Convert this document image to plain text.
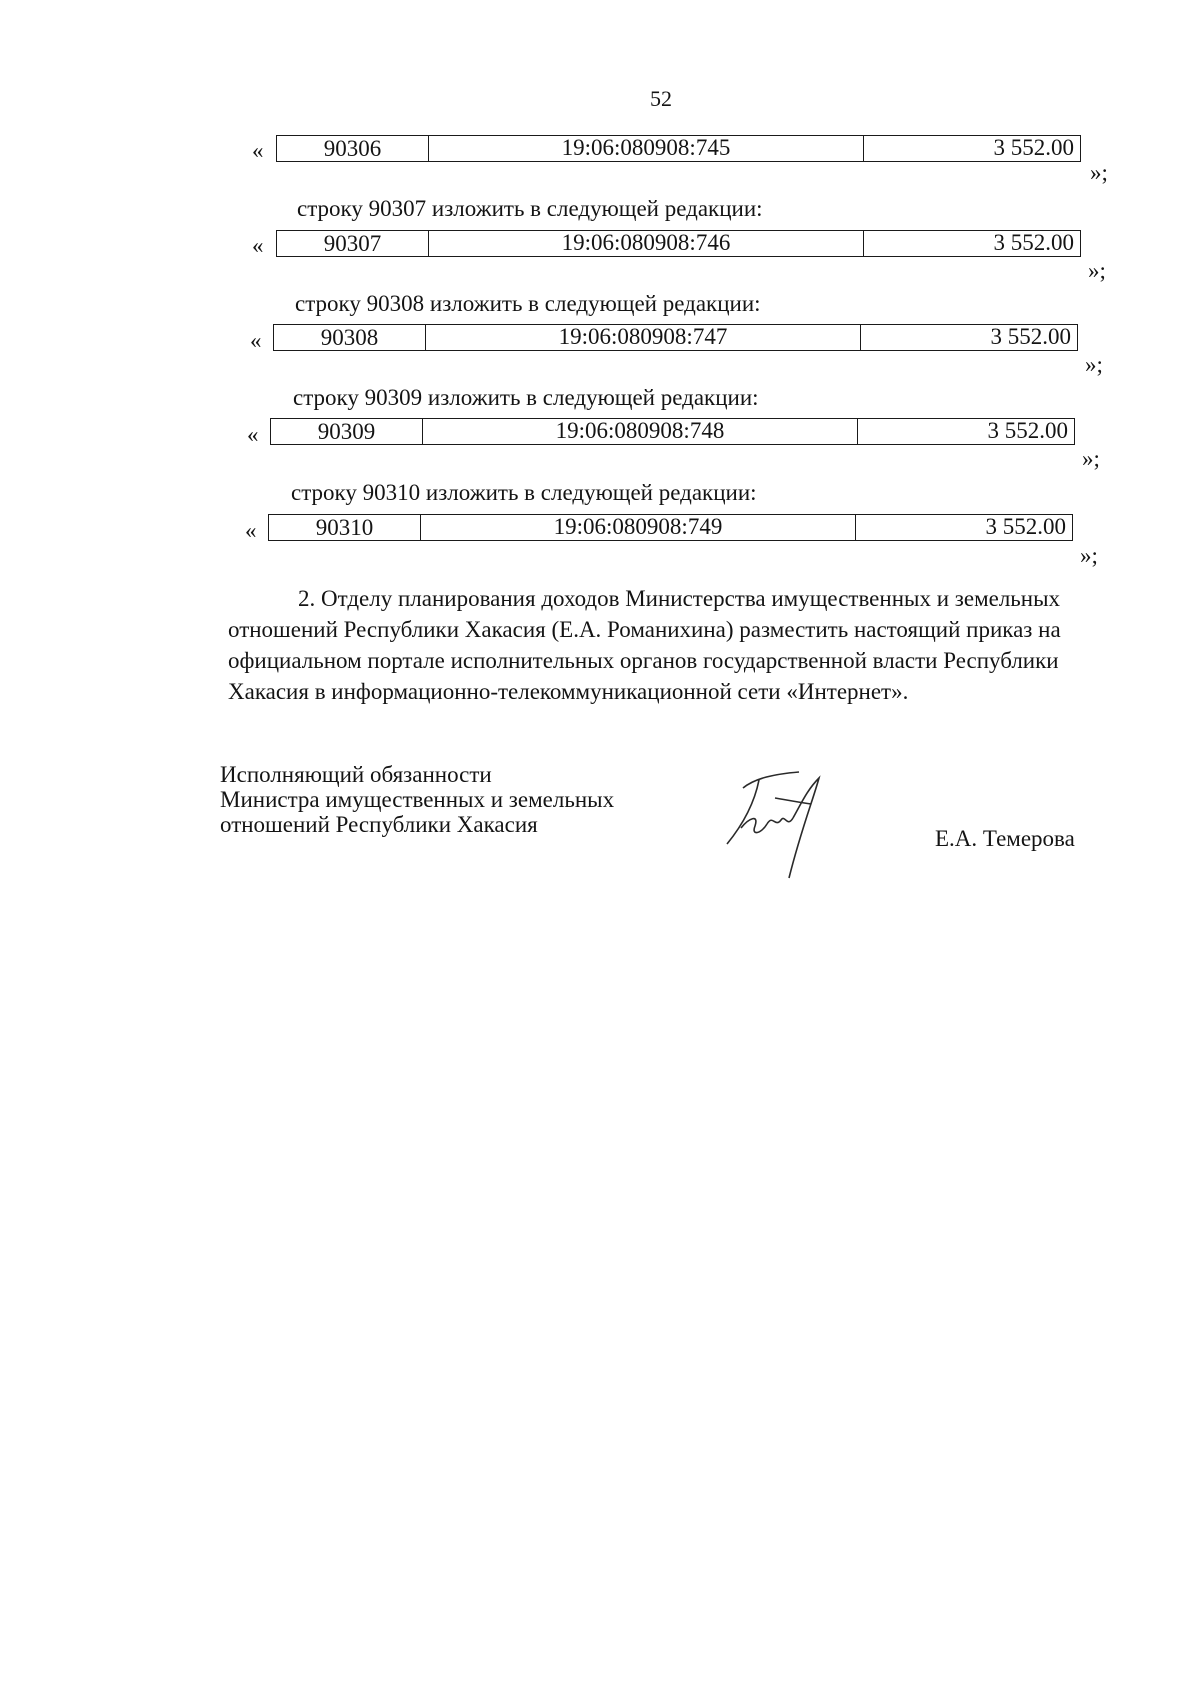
52
«	90306	19:06:080908:745	3 552.00
»;
строку 90307 изложить в следующей редакции:
«	90307	19:06:080908:746	3 552.00
»;
строку 90308 изложить в следующей редакции:
«	90308	19:06:080908:747	3 552.00
»;
строку 90309 изложить в следующей редакции:
«	90309	19:06:080908:748	3 552.00
»;
строку 90310 изложить в следующей редакции:
«	90310	19:06:080908:749	3 552.00
»;
2. Отделу планирования доходов Министерства имущественных и земельных
отношений Республики Хакасия (Е.А. Романихина) разместить настоящий приказ на
официальном портале исполнительных органов государственной власти Республики
Хакасия в информационно-телекоммуникационной сети «Интернет».
Исполняющий обязанности
Министра имущественных и земельных
отношений Республики Хакасия
Е.А. Темерова
